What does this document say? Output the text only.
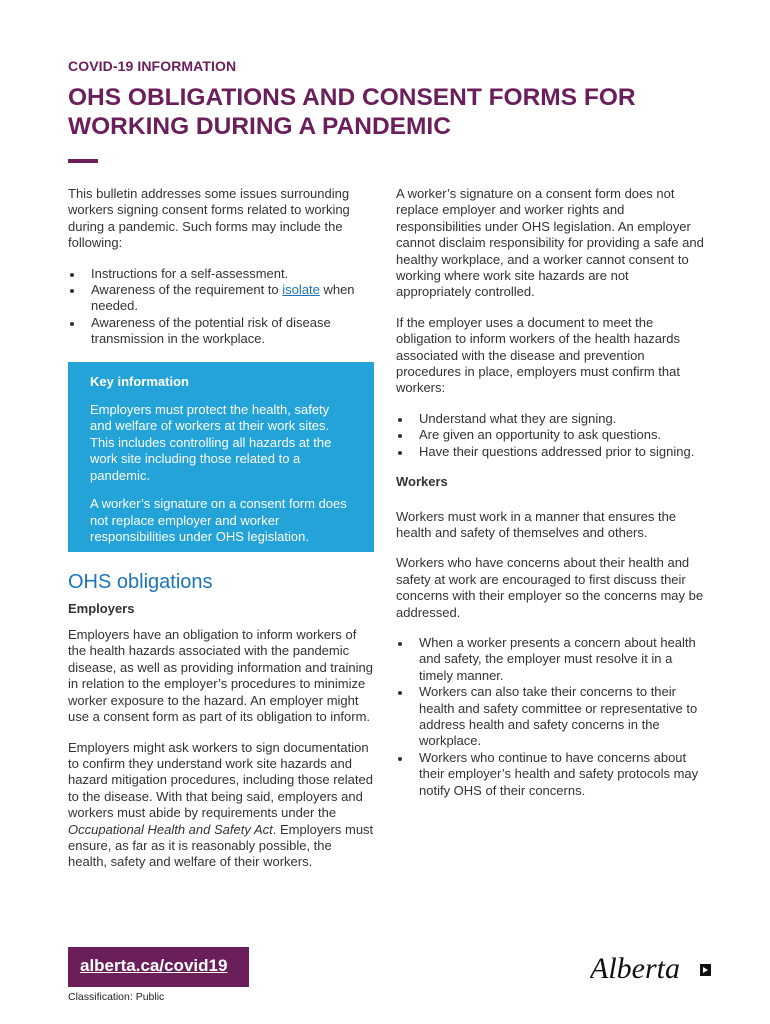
COVID-19 INFORMATION
OHS OBLIGATIONS AND CONSENT FORMS FOR
WORKING DURING A PANDEMIC

This bulletin addresses some issues surrounding workers signing consent forms related to working during a pandemic. Such forms may include the following:

Instructions for a self-assessment.
Awareness of the requirement to isolate when needed.
Awareness of the potential risk of disease transmission in the workplace.
Key information

Employers must protect the health, safety and welfare of workers at their work sites. This includes controlling all hazards at the work site including those related to a pandemic.

A worker’s signature on a consent form does not replace employer and worker responsibilities under OHS legislation.

OHS obligations
Employers

Employers have an obligation to inform workers of the health hazards associated with the pandemic disease, as well as providing information and training in relation to the employer’s procedures to minimize worker exposure to the hazard. An employer might use a consent form as part of its obligation to inform.

Employers might ask workers to sign documentation to confirm they understand work site hazards and hazard mitigation procedures, including those related to the disease. With that being said, employers and workers must abide by requirements under the Occupational Health and Safety Act. Employers must ensure, as far as it is reasonably possible, the health, safety and welfare of their workers.

A worker’s signature on a consent form does not replace employer and worker rights and responsibilities under OHS legislation. An employer cannot disclaim responsibility for providing a safe and healthy workplace, and a worker cannot consent to working where work site hazards are not appropriately controlled.

If the employer uses a document to meet the obligation to inform workers of the health hazards associated with the disease and prevention procedures in place, employers must confirm that workers:

Understand what they are signing.
Are given an opportunity to ask questions.
Have their questions addressed prior to signing.
Workers

Workers must work in a manner that ensures the health and safety of themselves and others.

Workers who have concerns about their health and safety at work are encouraged to first discuss their concerns with their employer so the concerns may be addressed.

When a worker presents a concern about health and safety, the employer must resolve it in a timely manner.
Workers can also take their concerns to their health and safety committee or representative to address health and safety concerns in the workplace.
Workers who continue to have concerns about their employer’s health and safety protocols may notify OHS of their concerns.
alberta.ca/covid19
Classification: Public
Alberta
